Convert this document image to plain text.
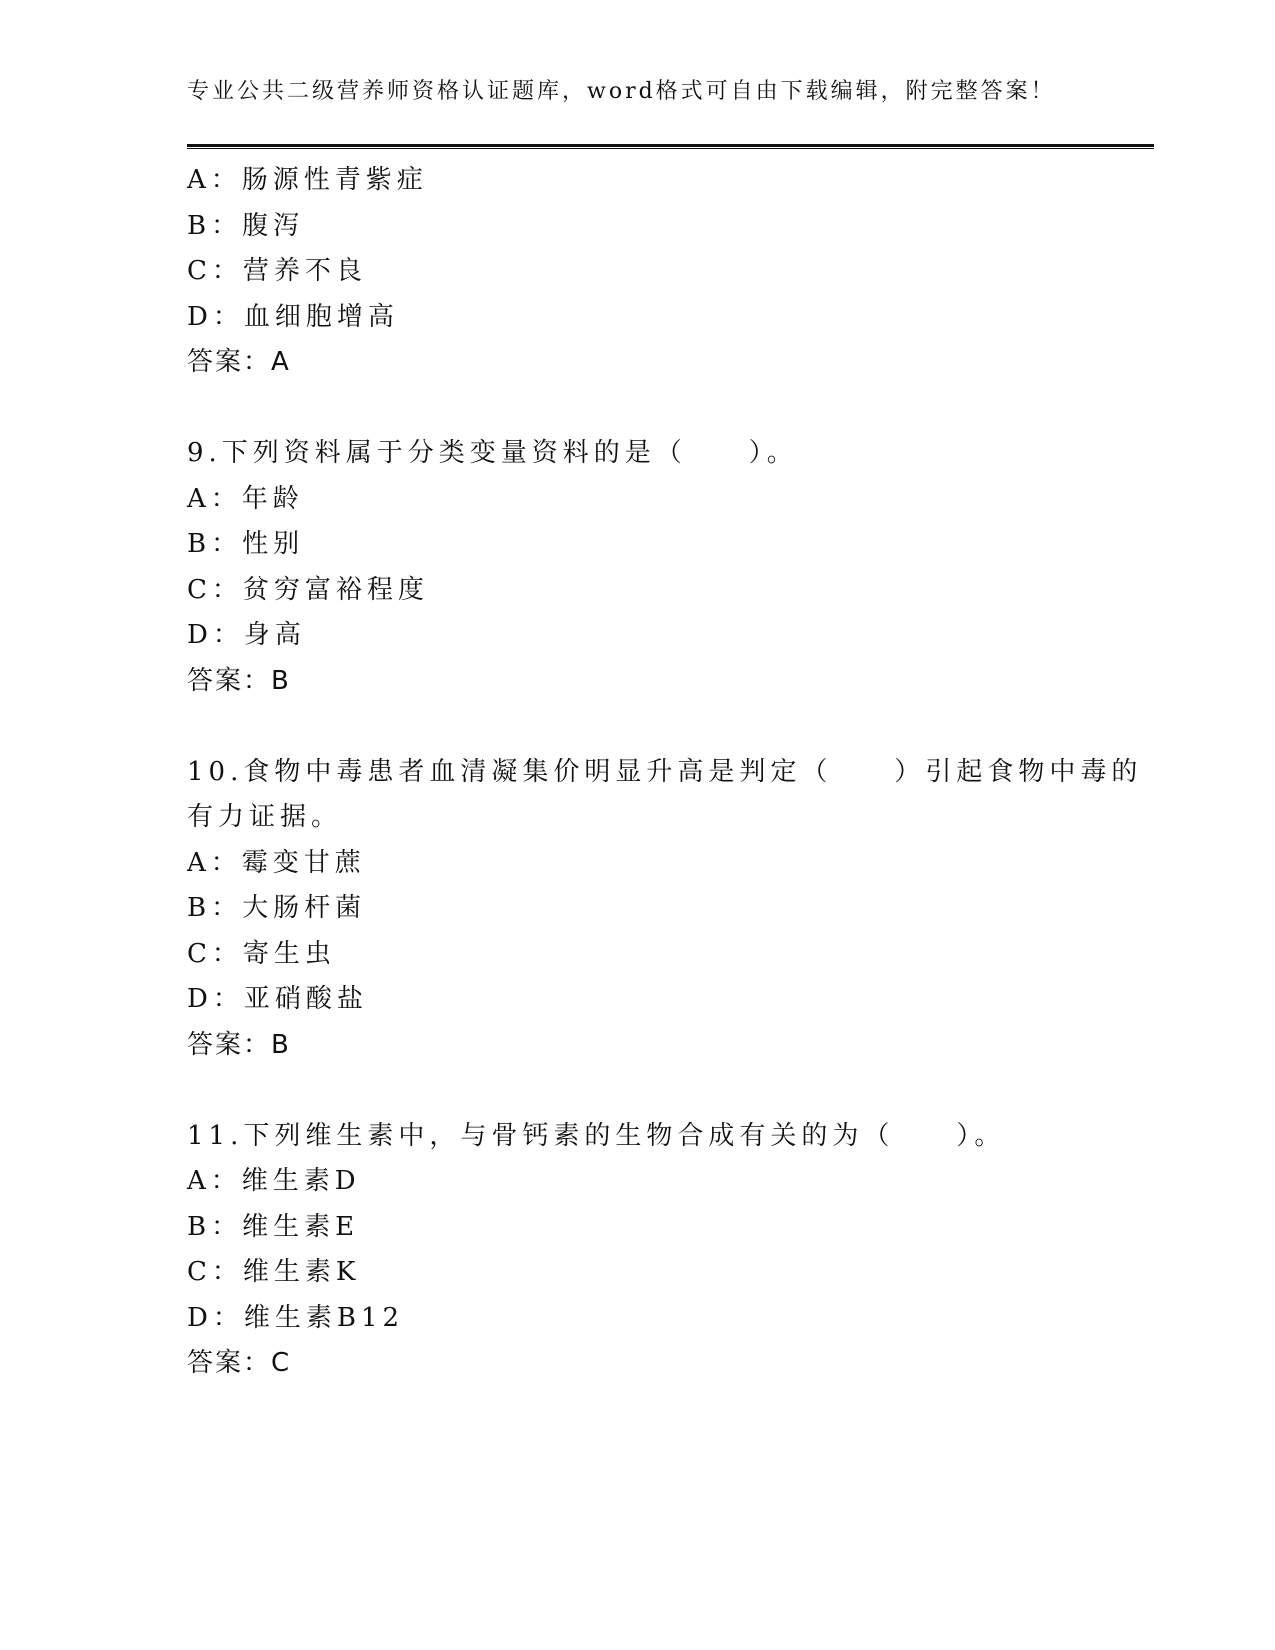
专业公共二级营养师资格认证题库，word格式可自由下载编辑，附完整答案！
A：肠源性青紫症
B：腹泻
C：营养不良
D：血细胞增高
答案：A
9.下列资料属于分类变量资料的是（　　）。
A：年龄
B：性别
C：贫穷富裕程度
D：身高
答案：B
10.食物中毒患者血清凝集价明显升高是判定（　　）引起食物中毒的
有力证据。
A：霉变甘蔗
B：大肠杆菌
C：寄生虫
D：亚硝酸盐
答案：B
11.下列维生素中，与骨钙素的生物合成有关的为（　　）。
A：维生素D
B：维生素E
C：维生素K
D：维生素B12
答案：C
